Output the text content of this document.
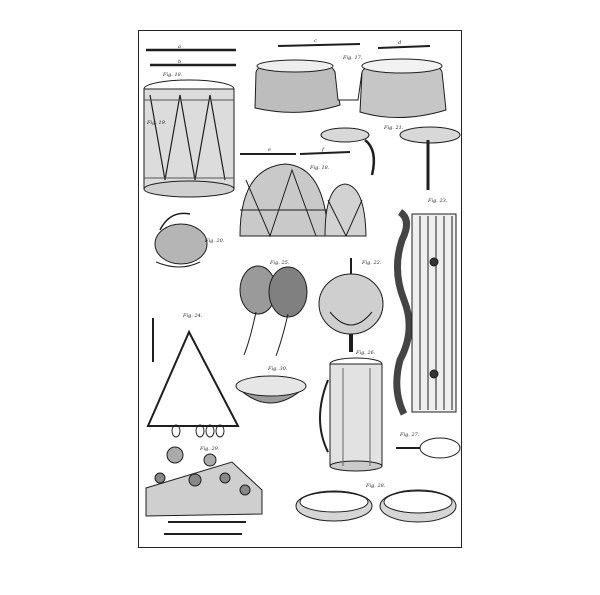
Fig. 18.
Fig. 17.
Fig. 21.
Fig. 18.
Fig. 23.
Fig. 20.
Fig. 25.	Fig. 22.
Fig. 24.
Fig. 30.
Fig. 26.
Fig. 27.
Fig. 29.
Fig. 28.
Fig. 19.
a
b
c	d
e	f
